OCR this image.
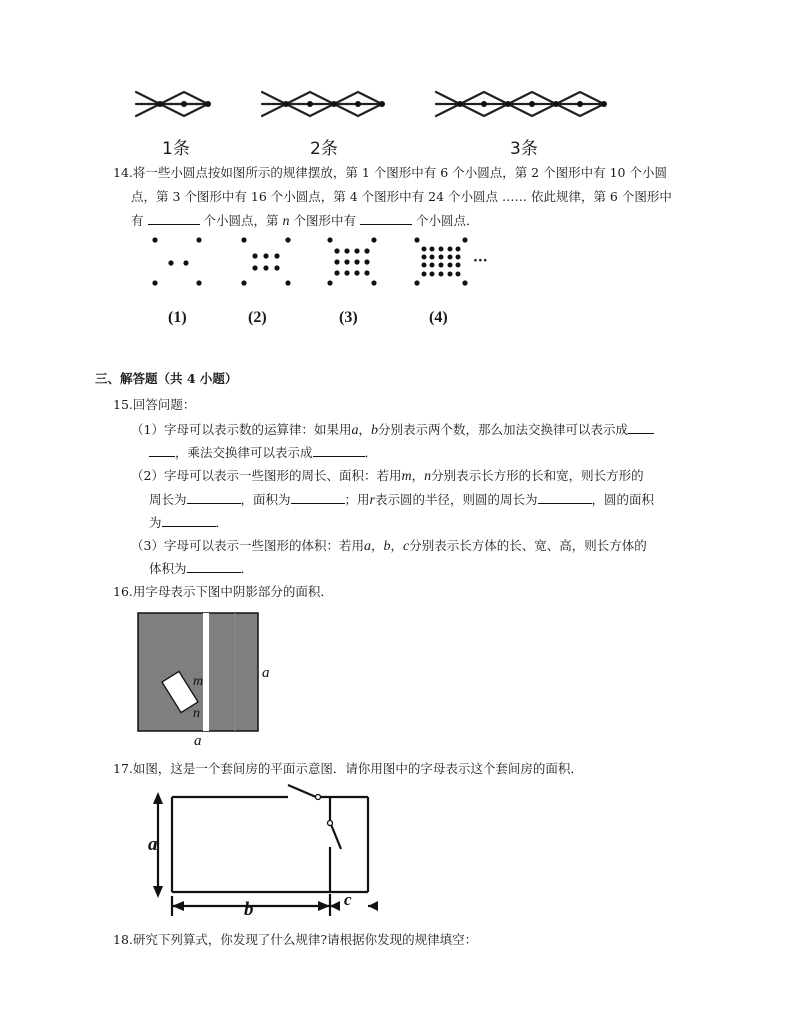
1条	2条	3条
14.将一些小圆点按如图所示的规律摆放，第 1 个图形中有 6 个小圆点，第 2 个图形中有 10 个小圆
点，第 3 个图形中有 16 个小圆点，第 4 个图形中有 24 个小圆点 …… 依此规律，第 6 个图形中
有	个小圆点，第 n 个图形中有	个小圆点．
···
(1)	(2)	(3)	(4)
三、解答题（共 4 小题）
15.回答问题：
（1）字母可以表示数的运算律：如果用a，b分别表示两个数，那么加法交换律可以表示成
，乘法交换律可以表示成	．
（2）字母可以表示一些图形的周长、面积：若用m，n分别表示长方形的长和宽，则长方形的
周长为	，面积为	；用r表示圆的半径，则圆的周长为	，圆的面积
为	．
（3）字母可以表示一些图形的体积：若用a，b，c分别表示长方体的长、宽、高，则长方体的
体积为	．
16.用字母表示下图中阴影部分的面积．
m
n
a
a
17.如图，这是一个套间房的平面示意图．请你用图中的字母表示这个套间房的面积．
a
b	c
18.研究下列算式，你发现了什么规律?请根据你发现的规律填空：
